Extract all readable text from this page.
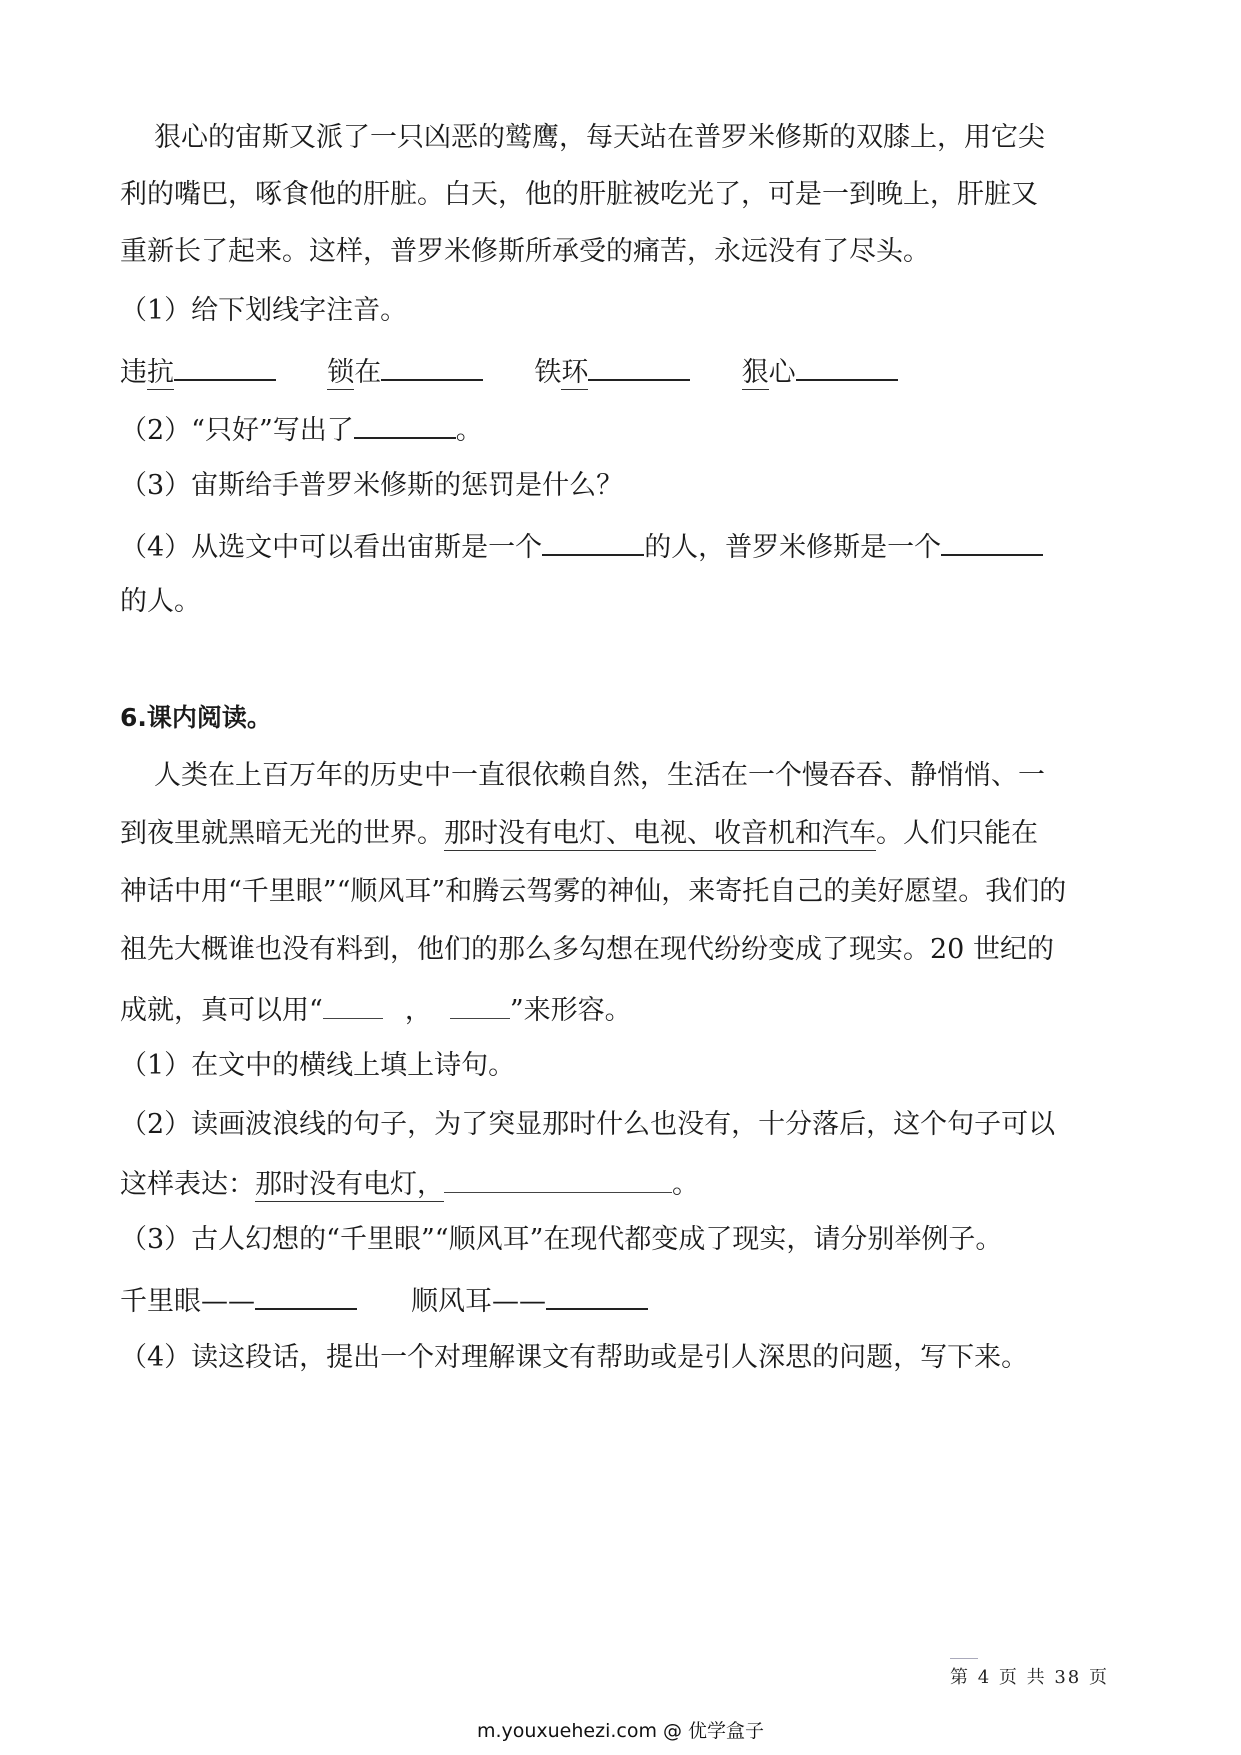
狠心的宙斯又派了一只凶恶的鹫鹰，每天站在普罗米修斯的双膝上，用它尖
利的嘴巴，啄食他的肝脏。白天，他的肝脏被吃光了，可是一到晚上，肝脏又
重新长了起来。这样，普罗米修斯所承受的痛苦，永远没有了尽头。
（1）给下划线字注音。
违抗	锁在	铁环	狠心
（2）“只好”写出了	。
（3）宙斯给手普罗米修斯的惩罚是什么？
（4）从选文中可以看出宙斯是一个	的人，普罗米修斯是一个
的人。
6.课内阅读。
人类在上百万年的历史中一直很依赖自然，生活在一个慢吞吞、静悄悄、一
到夜里就黑暗无光的世界。那时没有电灯、电视、收音机和汽车。人们只能在
神话中用“千里眼”“顺风耳”和腾云驾雾的神仙，来寄托自己的美好愿望。我们的
祖先大概谁也没有料到，他们的那么多勾想在现代纷纷变成了现实。20 世纪的
成就，真可以用“	，	”来形容。
（1）在文中的横线上填上诗句。
（2）读画波浪线的句子，为了突显那时什么也没有，十分落后，这个句子可以
这样表达：那时没有电灯，	。
（3）古人幻想的“千里眼”“顺风耳”在现代都变成了现实，请分别举例子。
千里眼——	顺风耳——
（4）读这段话，提出一个对理解课文有帮助或是引人深思的问题，写下来。
第 4 页 共 38 页
m.youxuehezi.com @ 优学盒子
